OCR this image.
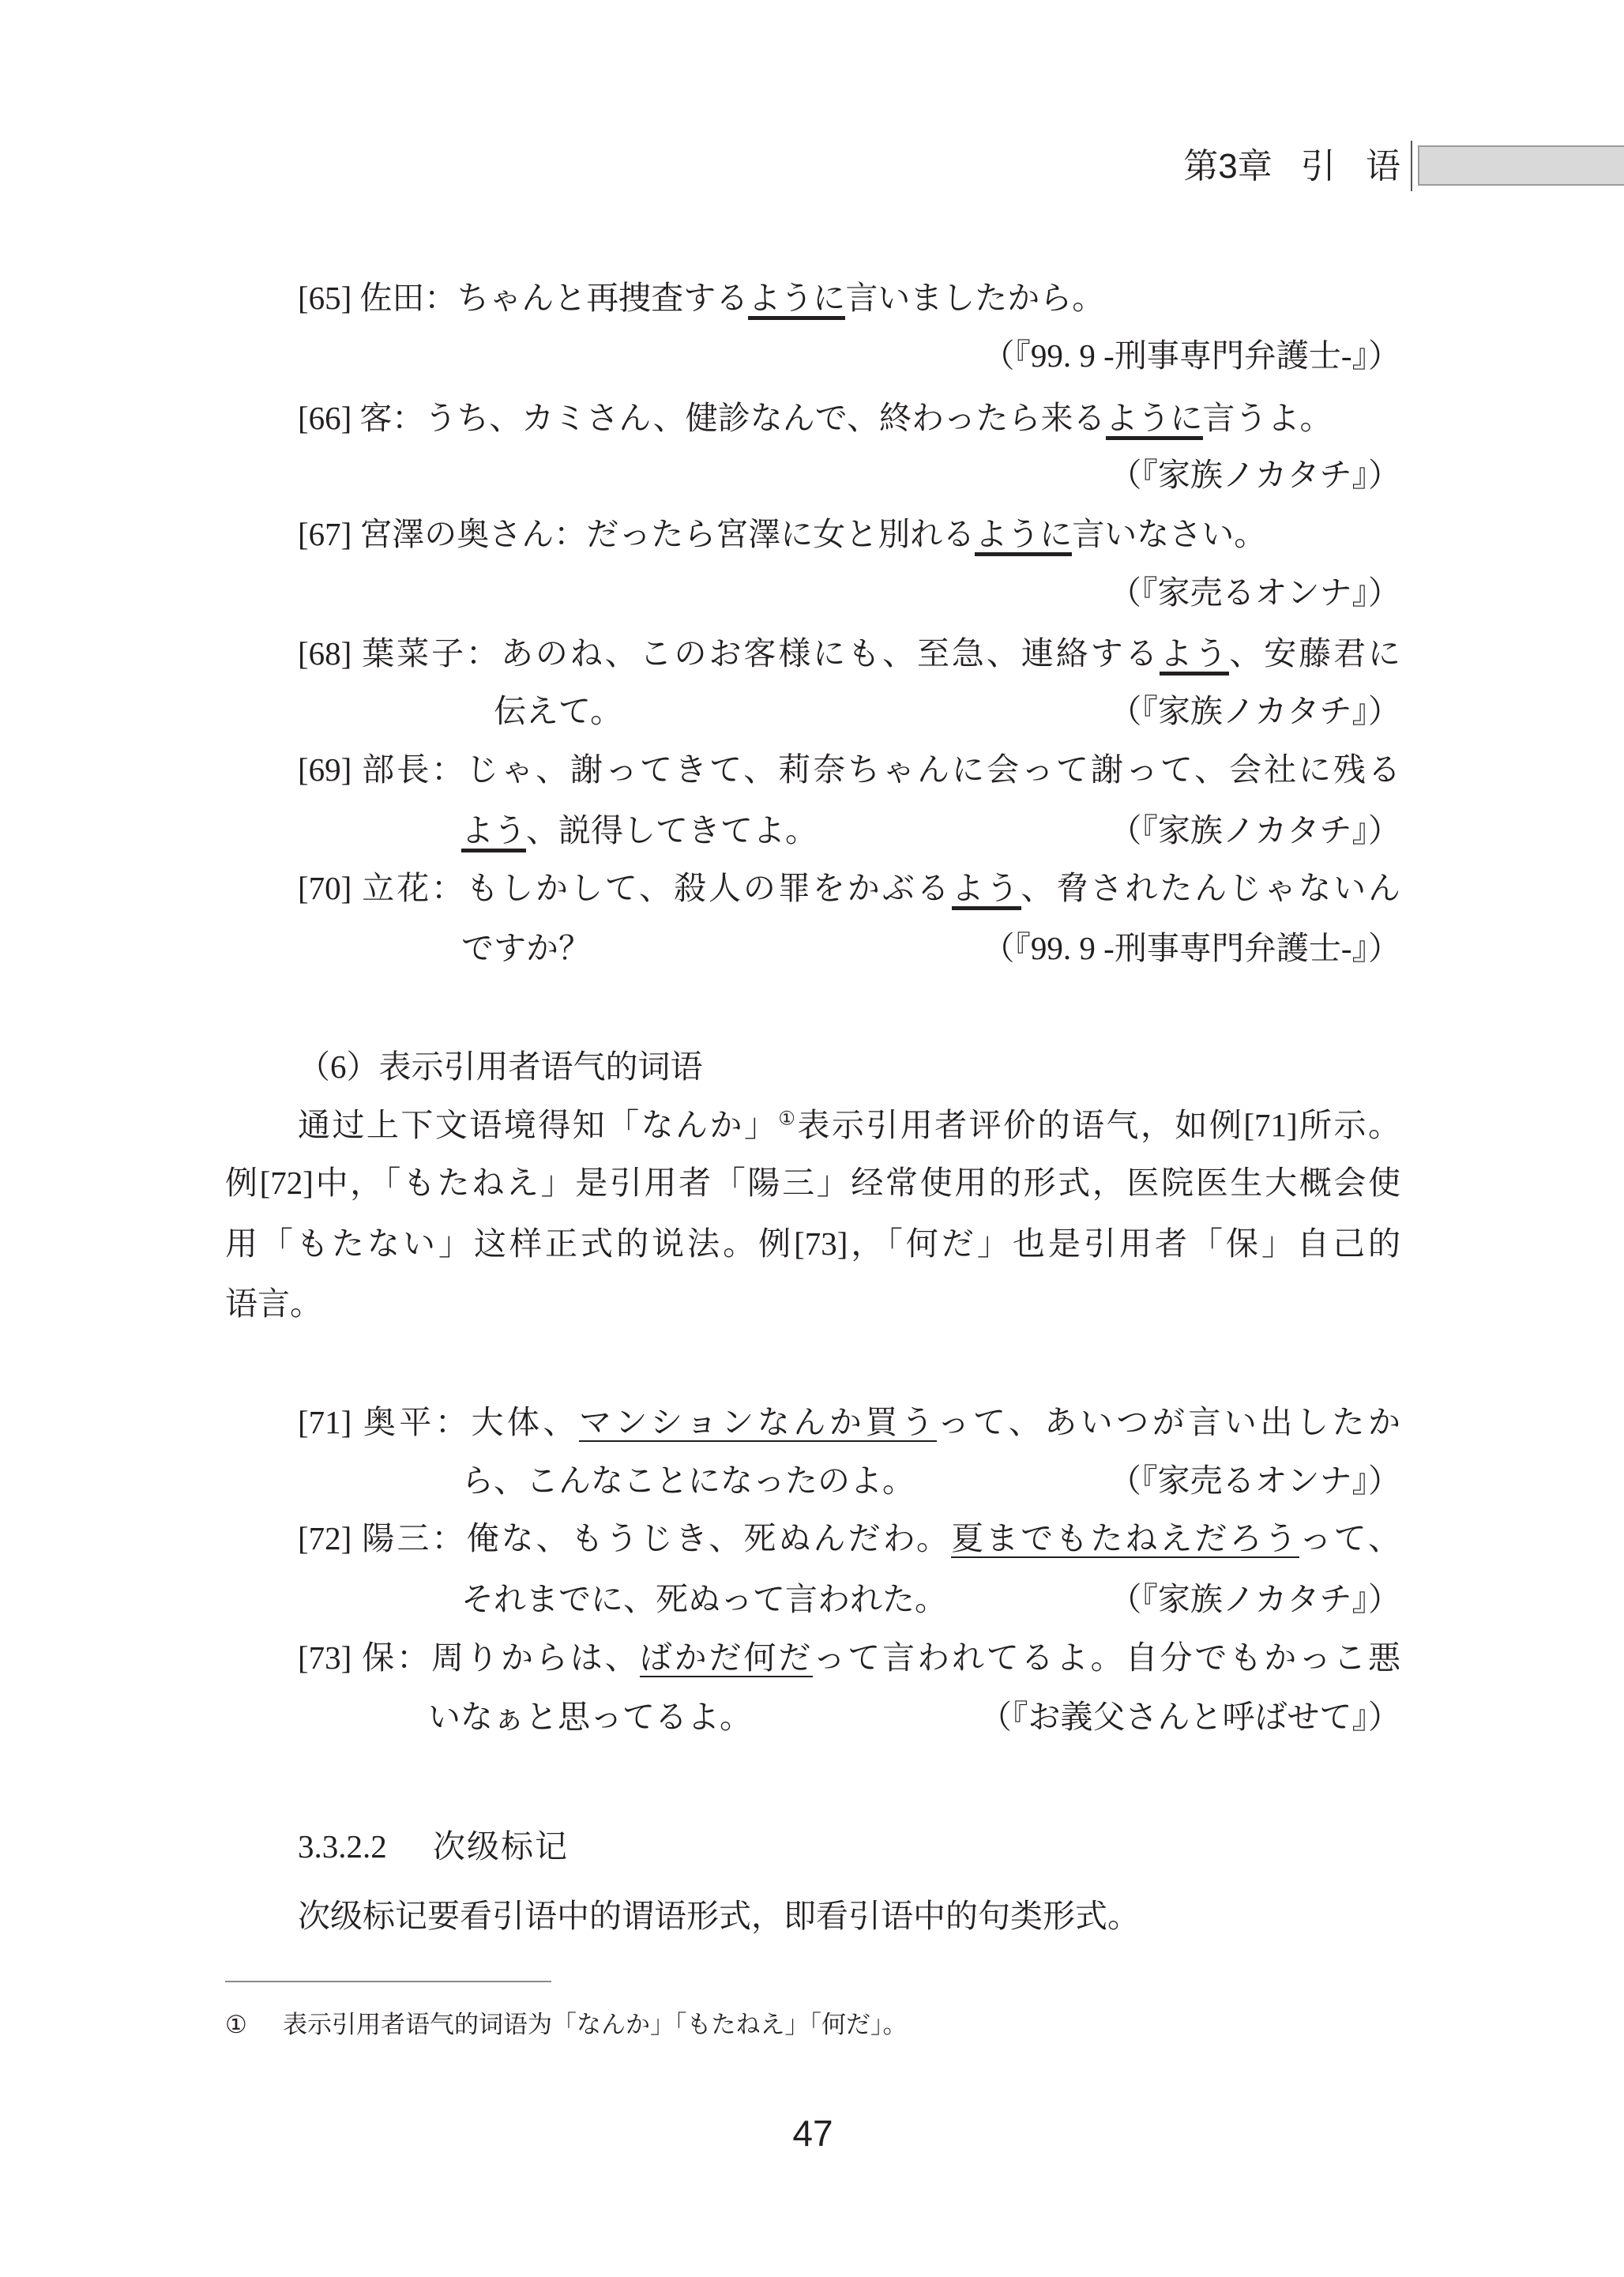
第3章 引 语
[65] 佐田：ちゃんと再捜査するように言いましたから。
（『99. 9 -刑事専門弁護士-』）
[66] 客：うち、カミさん、健診なんで、終わったら来るように言うよ。
（『家族ノカタチ』）
[67] 宮澤の奥さん：だったら宮澤に女と別れるように言いなさい。
（『家売るオンナ』）
[68] 葉菜子：あのね、このお客様にも、至急、連絡するよう、安藤君に
伝えて。	（『家族ノカタチ』）
[69] 部長：じゃ、謝ってきて、莉奈ちゃんに会って謝って、会社に残る
よう、説得してきてよ。	（『家族ノカタチ』）
[70] 立花：もしかして、殺人の罪をかぶるよう、脅されたんじゃないん
ですか？	（『99. 9 -刑事専門弁護士-』）
（6）表示引用者语气的词语
通过上下文语境得知「なんか」①表示引用者评价的语气，如例[71]所示。
例[72]中，「もたねえ」是引用者「陽三」经常使用的形式，医院医生大概会使
用「もたない」这样正式的说法。例[73]，「何だ」也是引用者「保」自己的
语言。
[71] 奥平：大体、マンションなんか買うって、あいつが言い出したか
ら、こんなことになったのよ。	（『家売るオンナ』）
[72] 陽三：俺な、もうじき、死ぬんだわ。夏までもたねえだろうって、
それまでに、死ぬって言われた。	（『家族ノカタチ』）
[73] 保：周りからは、ばかだ何だって言われてるよ。自分でもかっこ悪
いなぁと思ってるよ。	（『お義父さんと呼ばせて』）
3.3.2.2 次级标记
次级标记要看引语中的谓语形式，即看引语中的句类形式。
① 表示引用者语气的词语为「なんか」「もたねえ」「何だ」。
47
